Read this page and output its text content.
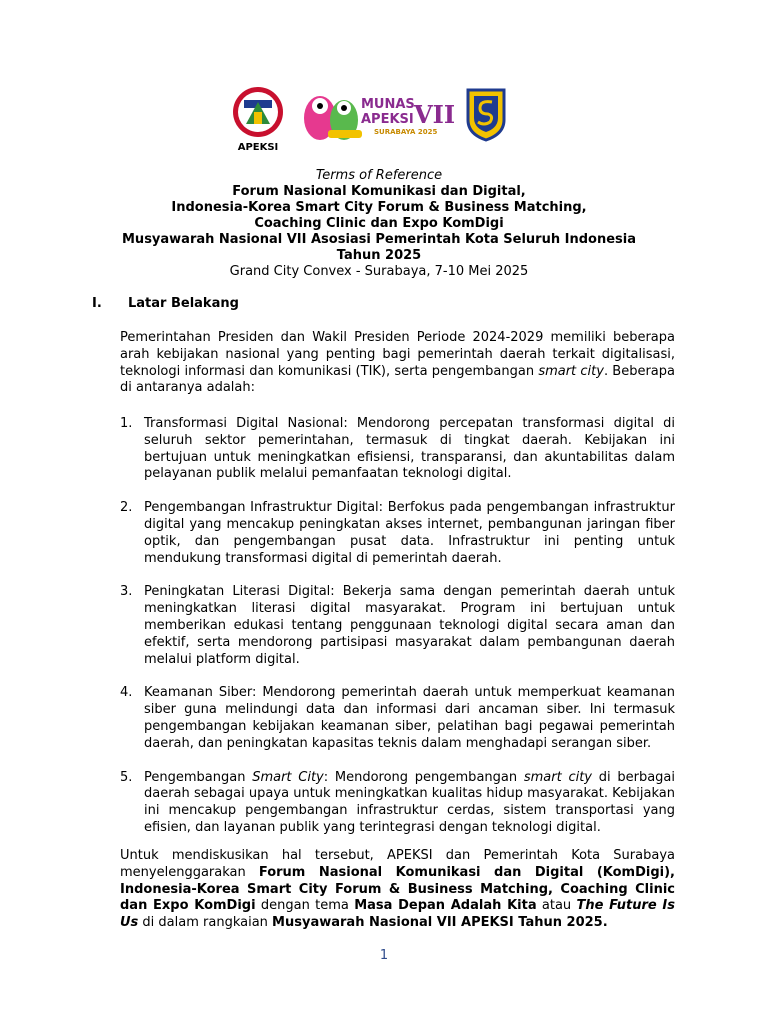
APEKSI
MUNAS
APEKSI VII
SURABAYA 2025
Terms of Reference
Forum Nasional Komunikasi dan Digital,
Indonesia-Korea Smart City Forum & Business Matching,
Coaching Clinic dan Expo KomDigi
Musyawarah Nasional VII Asosiasi Pemerintah Kota Seluruh Indonesia
Tahun 2025
Grand City Convex - Surabaya, 7-10 Mei 2025
I. Latar Belakang

Pemerintahan Presiden dan Wakil Presiden Periode 2024-2029 memiliki beberapa arah kebijakan nasional yang penting bagi pemerintah daerah terkait digitalisasi, teknologi informasi dan komunikasi (TIK), serta pengembangan smart city. Beberapa di antaranya adalah:

1. Transformasi Digital Nasional: Mendorong percepatan transformasi digital di seluruh sektor pemerintahan, termasuk di tingkat daerah. Kebijakan ini bertujuan untuk meningkatkan efisiensi, transparansi, dan akuntabilitas dalam pelayanan publik melalui pemanfaatan teknologi digital.
2. Pengembangan Infrastruktur Digital: Berfokus pada pengembangan infrastruktur digital yang mencakup peningkatan akses internet, pembangunan jaringan fiber optik, dan pengembangan pusat data. Infrastruktur ini penting untuk mendukung transformasi digital di pemerintah daerah.
3. Peningkatan Literasi Digital: Bekerja sama dengan pemerintah daerah untuk meningkatkan literasi digital masyarakat. Program ini bertujuan untuk memberikan edukasi tentang penggunaan teknologi digital secara aman dan efektif, serta mendorong partisipasi masyarakat dalam pembangunan daerah melalui platform digital.
4. Keamanan Siber: Mendorong pemerintah daerah untuk memperkuat keamanan siber guna melindungi data dan informasi dari ancaman siber. Ini termasuk pengembangan kebijakan keamanan siber, pelatihan bagi pegawai pemerintah daerah, dan peningkatan kapasitas teknis dalam menghadapi serangan siber.
5. Pengembangan Smart City: Mendorong pengembangan smart city di berbagai daerah sebagai upaya untuk meningkatkan kualitas hidup masyarakat. Kebijakan ini mencakup pengembangan infrastruktur cerdas, sistem transportasi yang efisien, dan layanan publik yang terintegrasi dengan teknologi digital.

Untuk mendiskusikan hal tersebut, APEKSI dan Pemerintah Kota Surabaya menyelenggarakan Forum Nasional Komunikasi dan Digital (KomDigi), Indonesia-Korea Smart City Forum & Business Matching, Coaching Clinic dan Expo KomDigi dengan tema Masa Depan Adalah Kita atau The Future Is Us di dalam rangkaian Musyawarah Nasional VII APEKSI Tahun 2025.

1
